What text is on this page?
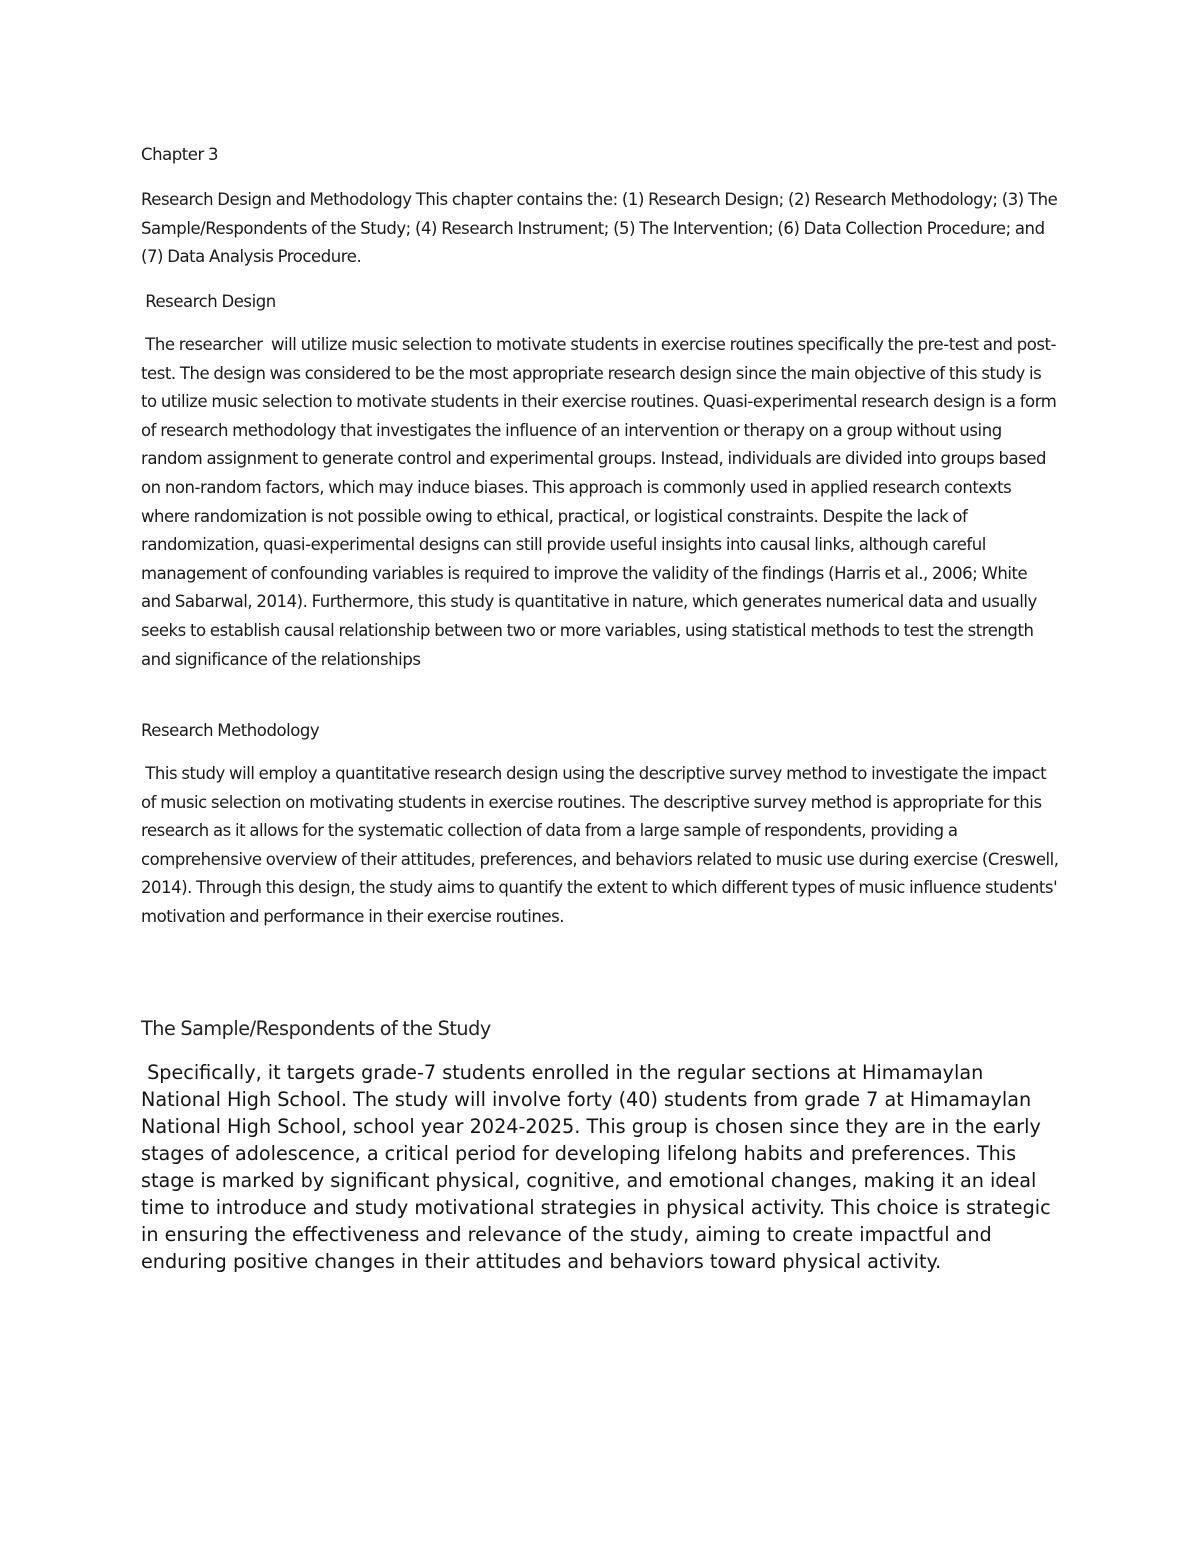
Chapter 3

Research Design and Methodology This chapter contains the: (1) Research Design; (2) Research Methodology; (3) The Sample/Respondents of the Study; (4) Research Instrument; (5) The Intervention; (6) Data Collection Procedure; and (7) Data Analysis Procedure.

Research Design

The researcher  will utilize music selection to motivate students in exercise routines specifically the pre-test and post-test. The design was considered to be the most appropriate research design since the main objective of this study is to utilize music selection to motivate students in their exercise routines. Quasi-experimental research design is a form of research methodology that investigates the influence of an intervention or therapy on a group without using random assignment to generate control and experimental groups. Instead, individuals are divided into groups based on non-random factors, which may induce biases. This approach is commonly used in applied research contexts where randomization is not possible owing to ethical, practical, or logistical constraints. Despite the lack of randomization, quasi-experimental designs can still provide useful insights into causal links, although careful management of confounding variables is required to improve the validity of the findings (Harris et al., 2006; White and Sabarwal, 2014). Furthermore, this study is quantitative in nature, which generates numerical data and usually seeks to establish causal relationship between two or more variables, using statistical methods to test the strength and significance of the relationships

Research Methodology

This study will employ a quantitative research design using the descriptive survey method to investigate the impact of music selection on motivating students in exercise routines. The descriptive survey method is appropriate for this research as it allows for the systematic collection of data from a large sample of respondents, providing a comprehensive overview of their attitudes, preferences, and behaviors related to music use during exercise (Creswell, 2014). Through this design, the study aims to quantify the extent to which different types of music influence students' motivation and performance in their exercise routines.

The Sample/Respondents of the Study

Specifically, it targets grade-7 students enrolled in the regular sections at Himamaylan National High School. The study will involve forty (40) students from grade 7 at Himamaylan National High School, school year 2024-2025. This group is chosen since they are in the early stages of adolescence, a critical period for developing lifelong habits and preferences. This stage is marked by significant physical, cognitive, and emotional changes, making it an ideal time to introduce and study motivational strategies in physical activity. This choice is strategic in ensuring the effectiveness and relevance of the study, aiming to create impactful and enduring positive changes in their attitudes and behaviors toward physical activity.
